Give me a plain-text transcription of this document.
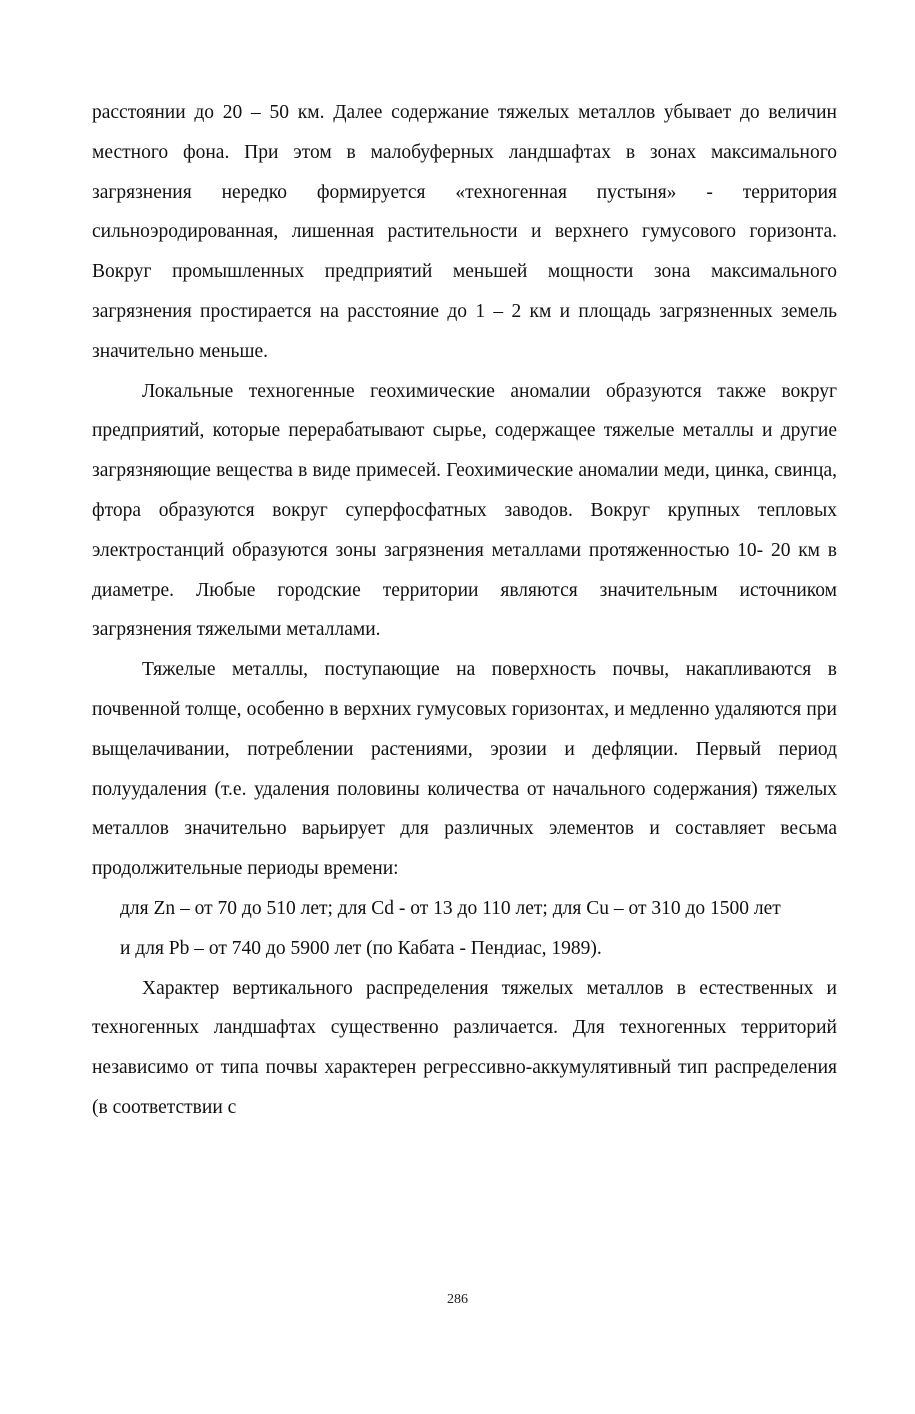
расстоянии до 20 – 50 км. Далее содержание тяжелых металлов убывает до величин местного фона. При этом в малобуферных ландшафтах в зонах максимального загрязнения нередко формируется «техногенная пустыня» - территория сильноэродированная, лишенная растительности и верхнего гумусового горизонта. Вокруг промышленных предприятий меньшей мощности зона максимального загрязнения простирается на расстояние до 1 – 2 км и площадь загрязненных земель значительно меньше.

Локальные техногенные геохимические аномалии образуются также вокруг предприятий, которые перерабатывают сырье, содержащее тяжелые металлы и другие загрязняющие вещества в виде примесей. Геохимические аномалии меди, цинка, свинца, фтора образуются вокруг суперфосфатных заводов. Вокруг крупных тепловых электростанций образуются зоны загрязнения металлами протяженностью 10- 20 км в диаметре. Любые городские территории являются значительным источником загрязнения тяжелыми металлами.

Тяжелые металлы, поступающие на поверхность почвы, накапливаются в почвенной толще, особенно в верхних гумусовых горизонтах, и медленно удаляются при выщелачивании, потреблении растениями, эрозии и дефляции. Первый период полуудаления (т.е. удаления половины количества от начального содержания) тяжелых металлов значительно варьирует для различных элементов и составляет весьма продолжительные периоды времени:

для Zn – от 70 до 510 лет; для Cd - от 13 до 110 лет; для Cu – от 310 до 1500 лет

и для Pb – от 740 до 5900 лет (по Кабата - Пендиас, 1989).

Характер вертикального распределения тяжелых металлов в естественных и техногенных ландшафтах существенно различается. Для техногенных территорий независимо от типа почвы характерен регрессивно-аккумулятивный тип распределения (в соответствии с

286
